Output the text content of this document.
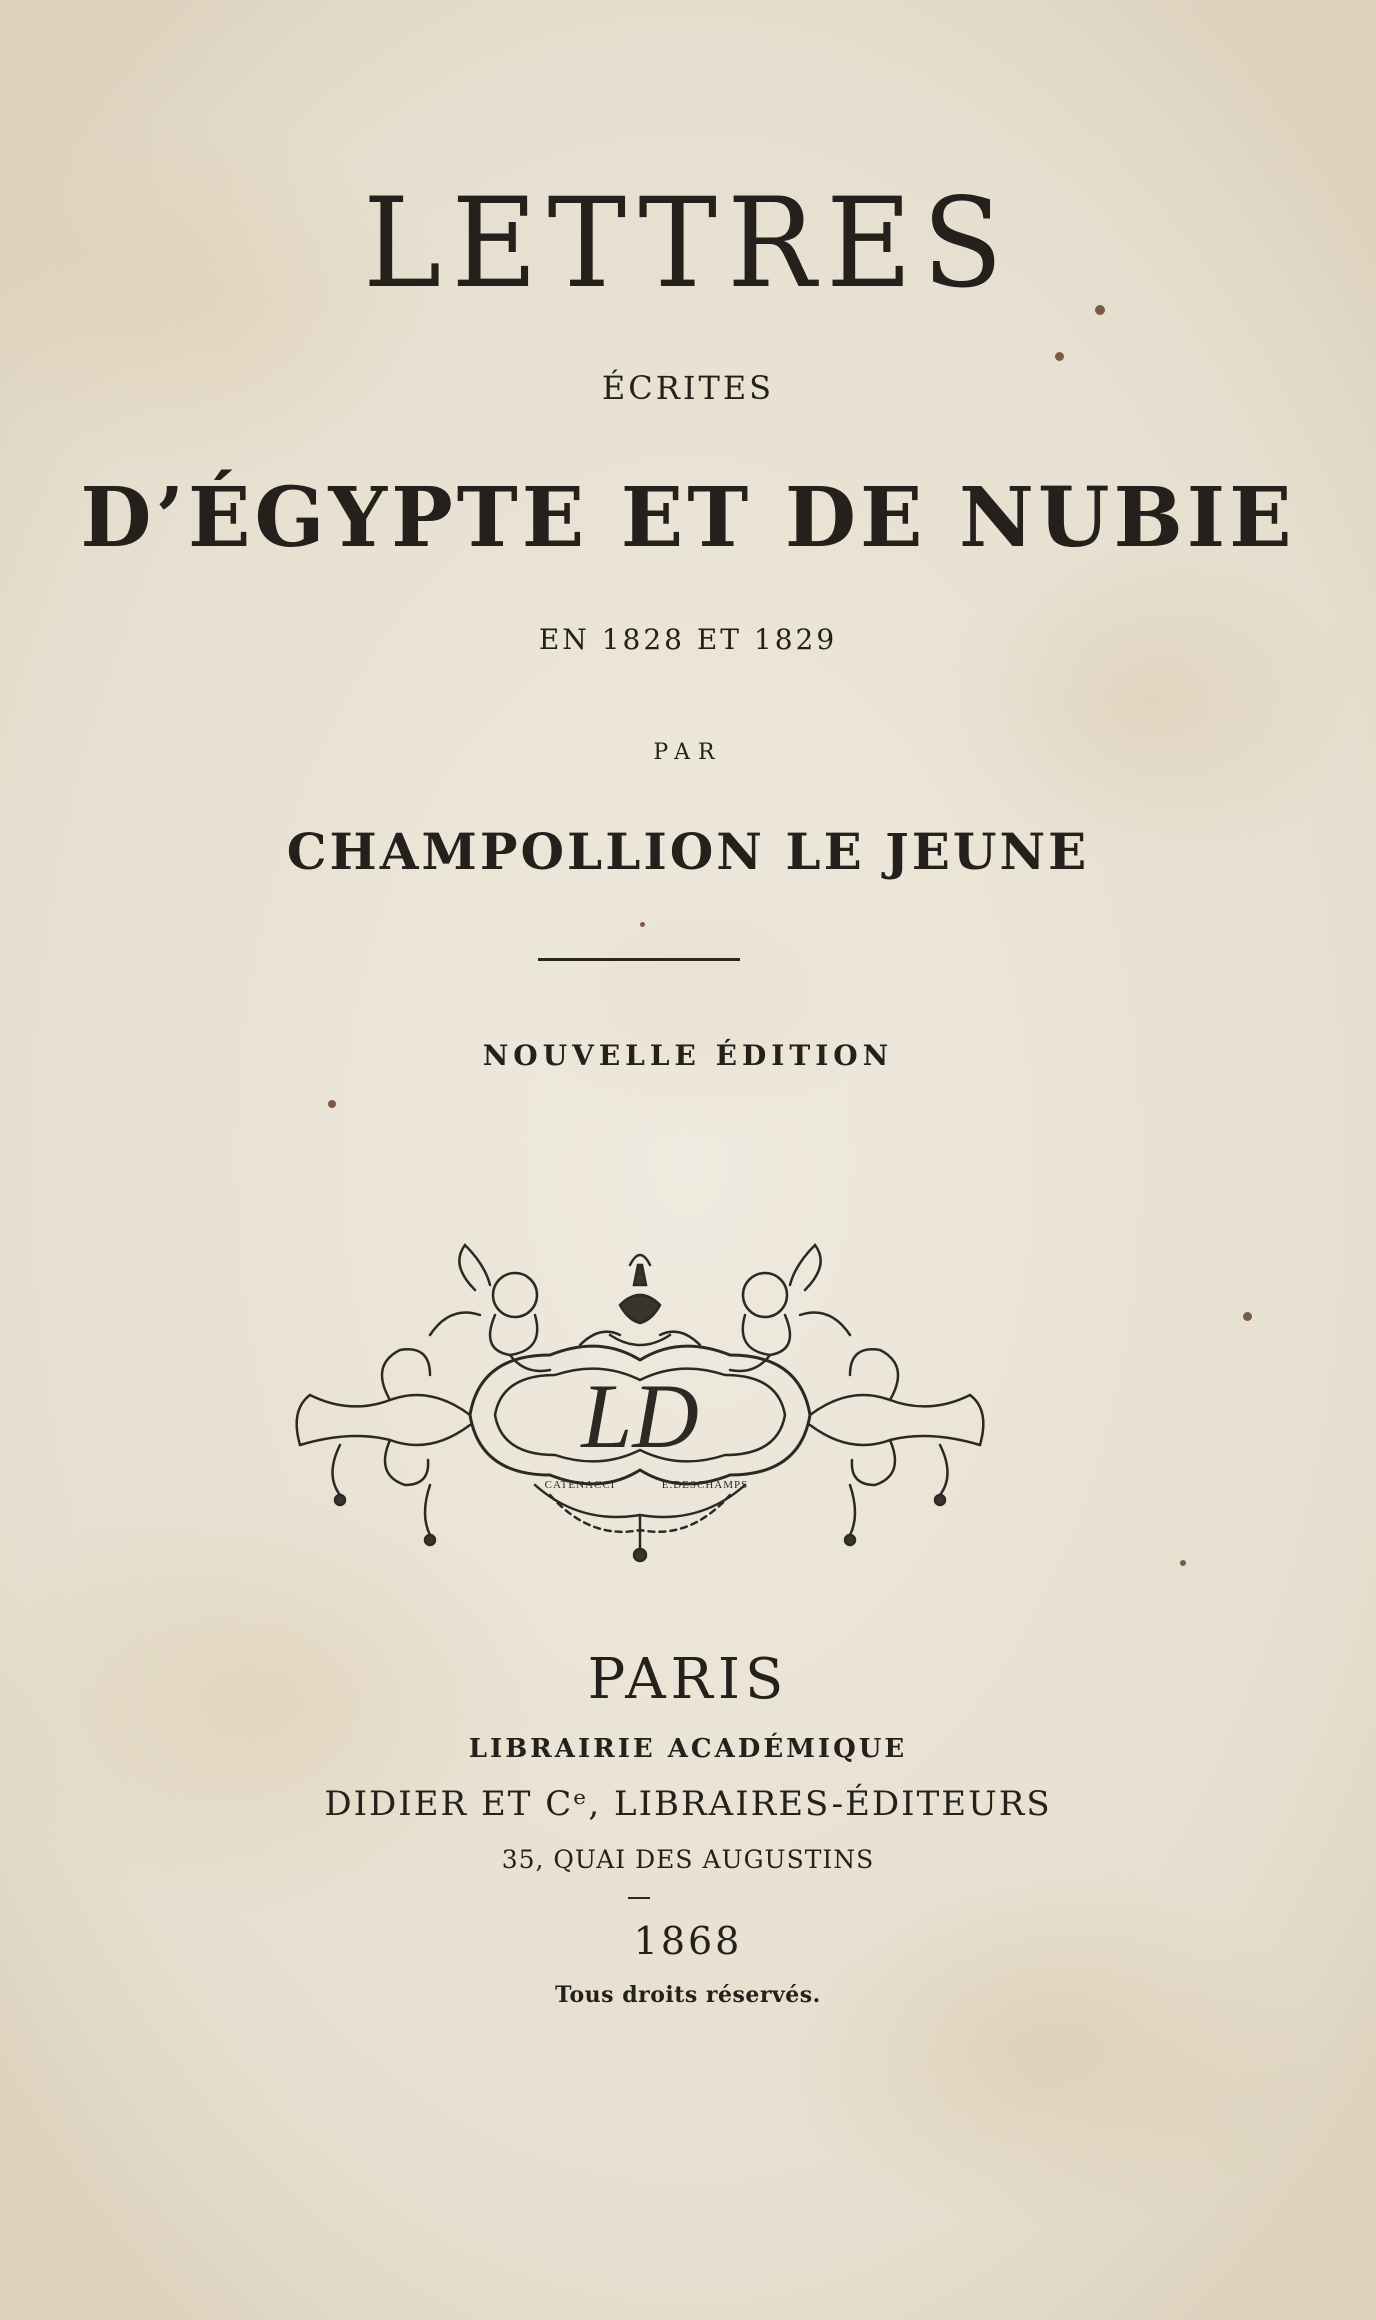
LETTRES

ÉCRITES

D’ÉGYPTE ET DE NUBIE

EN 1828 ET 1829

PAR

CHAMPOLLION LE JEUNE

NOUVELLE ÉDITION

LD
CATENACCI	E.DESCHAMPS

PARIS

LIBRAIRIE ACADÉMIQUE

DIDIER ET Cᵉ, LIBRAIRES-ÉDITEURS

35, QUAI DES AUGUSTINS

1868

Tous droits réservés.
